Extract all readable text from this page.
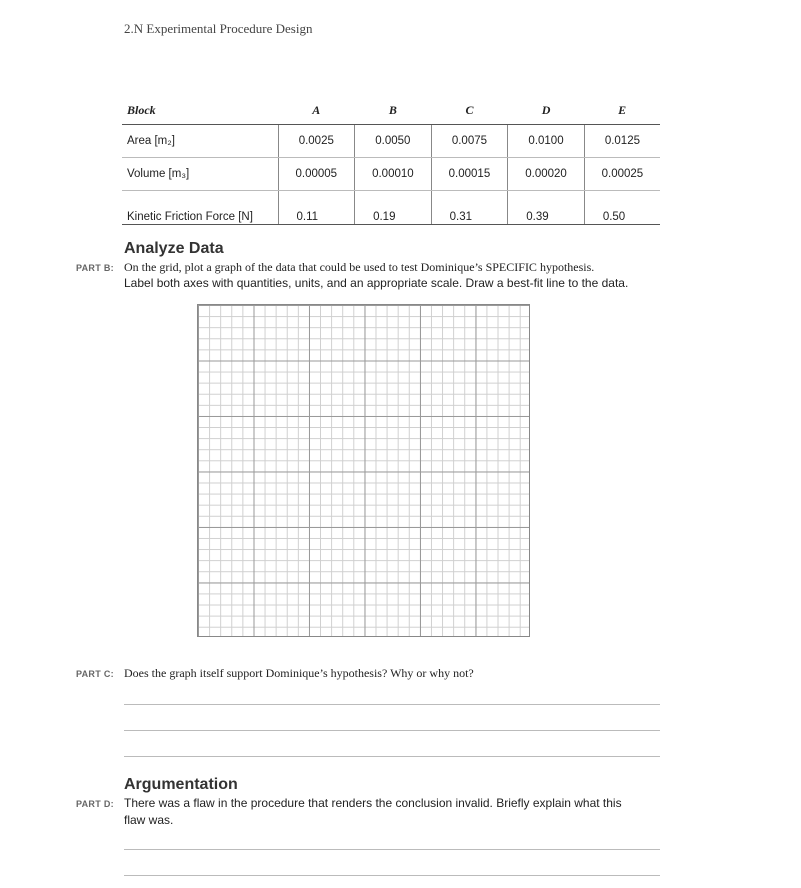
2.N Experimental Procedure Design
Block	A	B	C	D	E
Area [m₂]	0.0025	0.0050	0.0075	0.0100	0.0125
Volume [m₃]	0.00005	0.00010	0.00015	0.00020	0.00025
Kinetic Friction Force [N]	0.11	0.19	0.31	0.39	0.50
Analyze Data
PART B: On the grid, plot a graph of the data that could be used to test Dominique’s SPECIFIC hypothesis.
Label both axes with quantities, units, and an appropriate scale. Draw a best-fit line to the data.
PART C: Does the graph itself support Dominique’s hypothesis? Why or why not?
Argumentation
PART D: There was a flaw in the procedure that renders the conclusion invalid. Briefly explain what this
flaw was.
